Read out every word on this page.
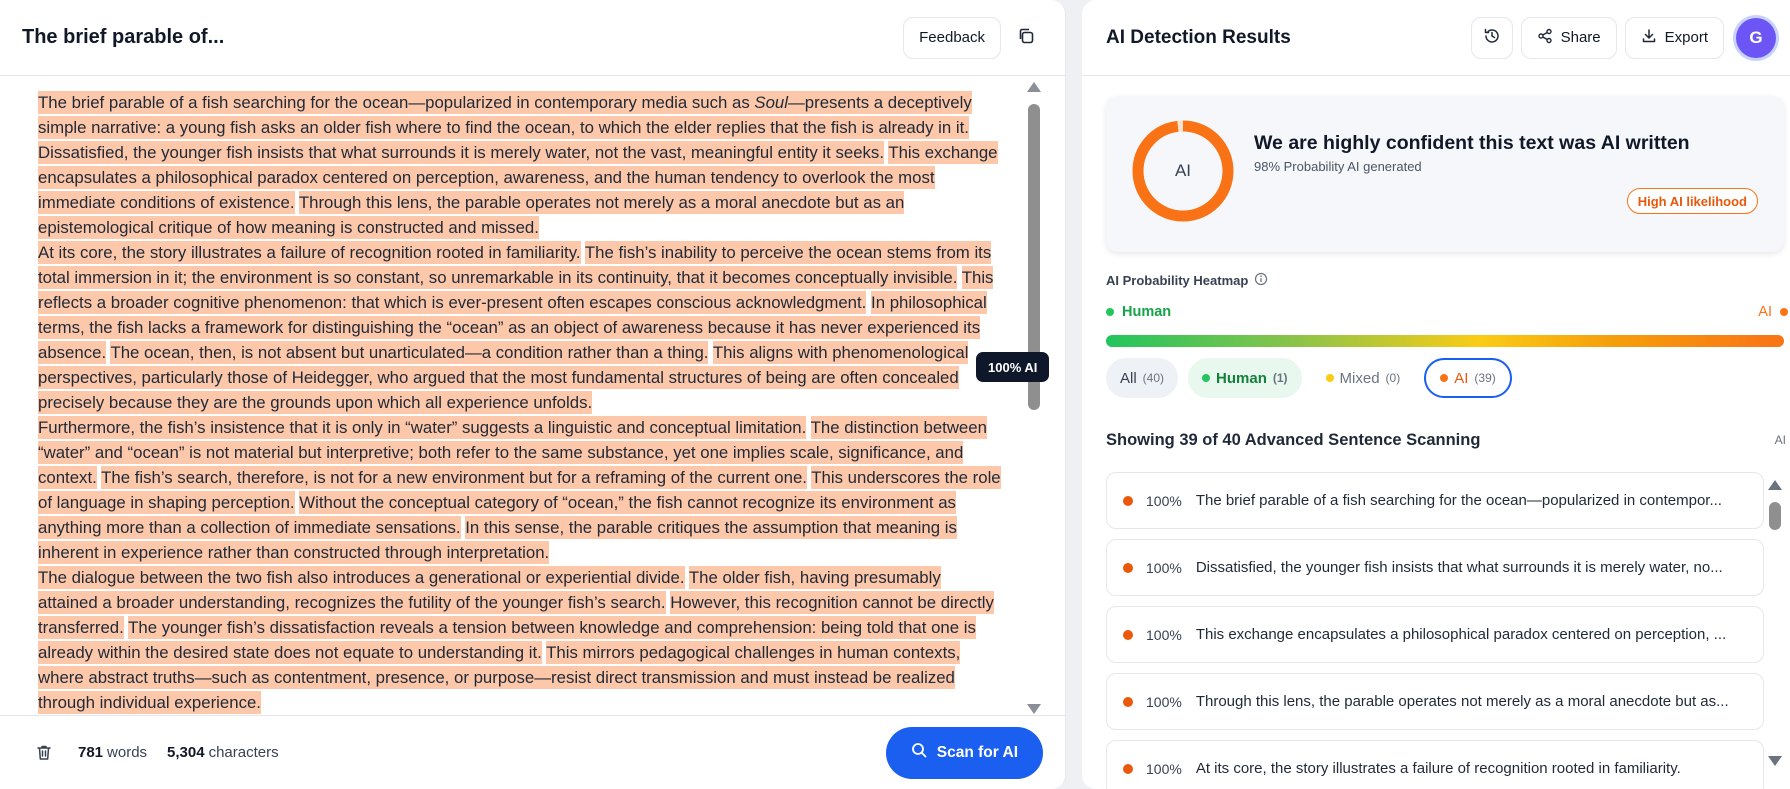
The brief parable of...	Feedback

The brief parable of a fish searching for the ocean—popularized in contemporary media such as Soul—presents a deceptively simple narrative: a young fish asks an older fish where to find the ocean, to which the elder replies that the fish is already in it. Dissatisfied, the younger fish insists that what surrounds it is merely water, not the vast, meaningful entity it seeks. This exchange encapsulates a philosophical paradox centered on perception, awareness, and the human tendency to overlook the most immediate conditions of existence. Through this lens, the parable operates not merely as a moral anecdote but as an epistemological critique of how meaning is constructed and missed.

At its core, the story illustrates a failure of recognition rooted in familiarity. The fish’s inability to perceive the ocean stems from its total immersion in it; the environment is so constant, so unremarkable in its continuity, that it becomes conceptually invisible. This reflects a broader cognitive phenomenon: that which is ever-present often escapes conscious acknowledgment. In philosophical terms, the fish lacks a framework for distinguishing the “ocean” as an object of awareness because it has never experienced its absence. The ocean, then, is not absent but unarticulated—a condition rather than a thing. This aligns with phenomenological perspectives, particularly those of Heidegger, who argued that the most fundamental structures of being are often concealed precisely because they are the grounds upon which all experience unfolds.

Furthermore, the fish’s insistence that it is only in “water” suggests a linguistic and conceptual limitation. The distinction between “water” and “ocean” is not material but interpretive; both refer to the same substance, yet one implies scale, significance, and context. The fish’s search, therefore, is not for a new environment but for a reframing of the current one. This underscores the role of language in shaping perception. Without the conceptual category of “ocean,” the fish cannot recognize its environment as anything more than a collection of immediate sensations. In this sense, the parable critiques the assumption that meaning is inherent in experience rather than constructed through interpretation.

The dialogue between the two fish also introduces a generational or experiential divide. The older fish, having presumably attained a broader understanding, recognizes the futility of the younger fish’s search. However, this recognition cannot be directly transferred. The younger fish’s dissatisfaction reveals a tension between knowledge and comprehension: being told that one is already within the desired state does not equate to understanding it. This mirrors pedagogical challenges in human contexts, where abstract truths—such as contentment, presence, or purpose—resist direct transmission and must instead be realized through individual experience.

100% AI
781 words 5,304 characters	Scan for AI
AI Detection Results	Share	Export	G
AI
We are highly confident this text was AI written
98% Probability AI generated
High AI likelihood
AI Probability Heatmap
Human	AI
All (40)	Human (1)	Mixed (0)	AI (39)
Showing 39 of 40 Advanced Sentence Scanning	AI
100% The brief parable of a fish searching for the ocean—popularized in contempor...
100% Dissatisfied, the younger fish insists that what surrounds it is merely water, no...
100% This exchange encapsulates a philosophical paradox centered on perception, ...
100% Through this lens, the parable operates not merely as a moral anecdote but as...
100% At its core, the story illustrates a failure of recognition rooted in familiarity.
